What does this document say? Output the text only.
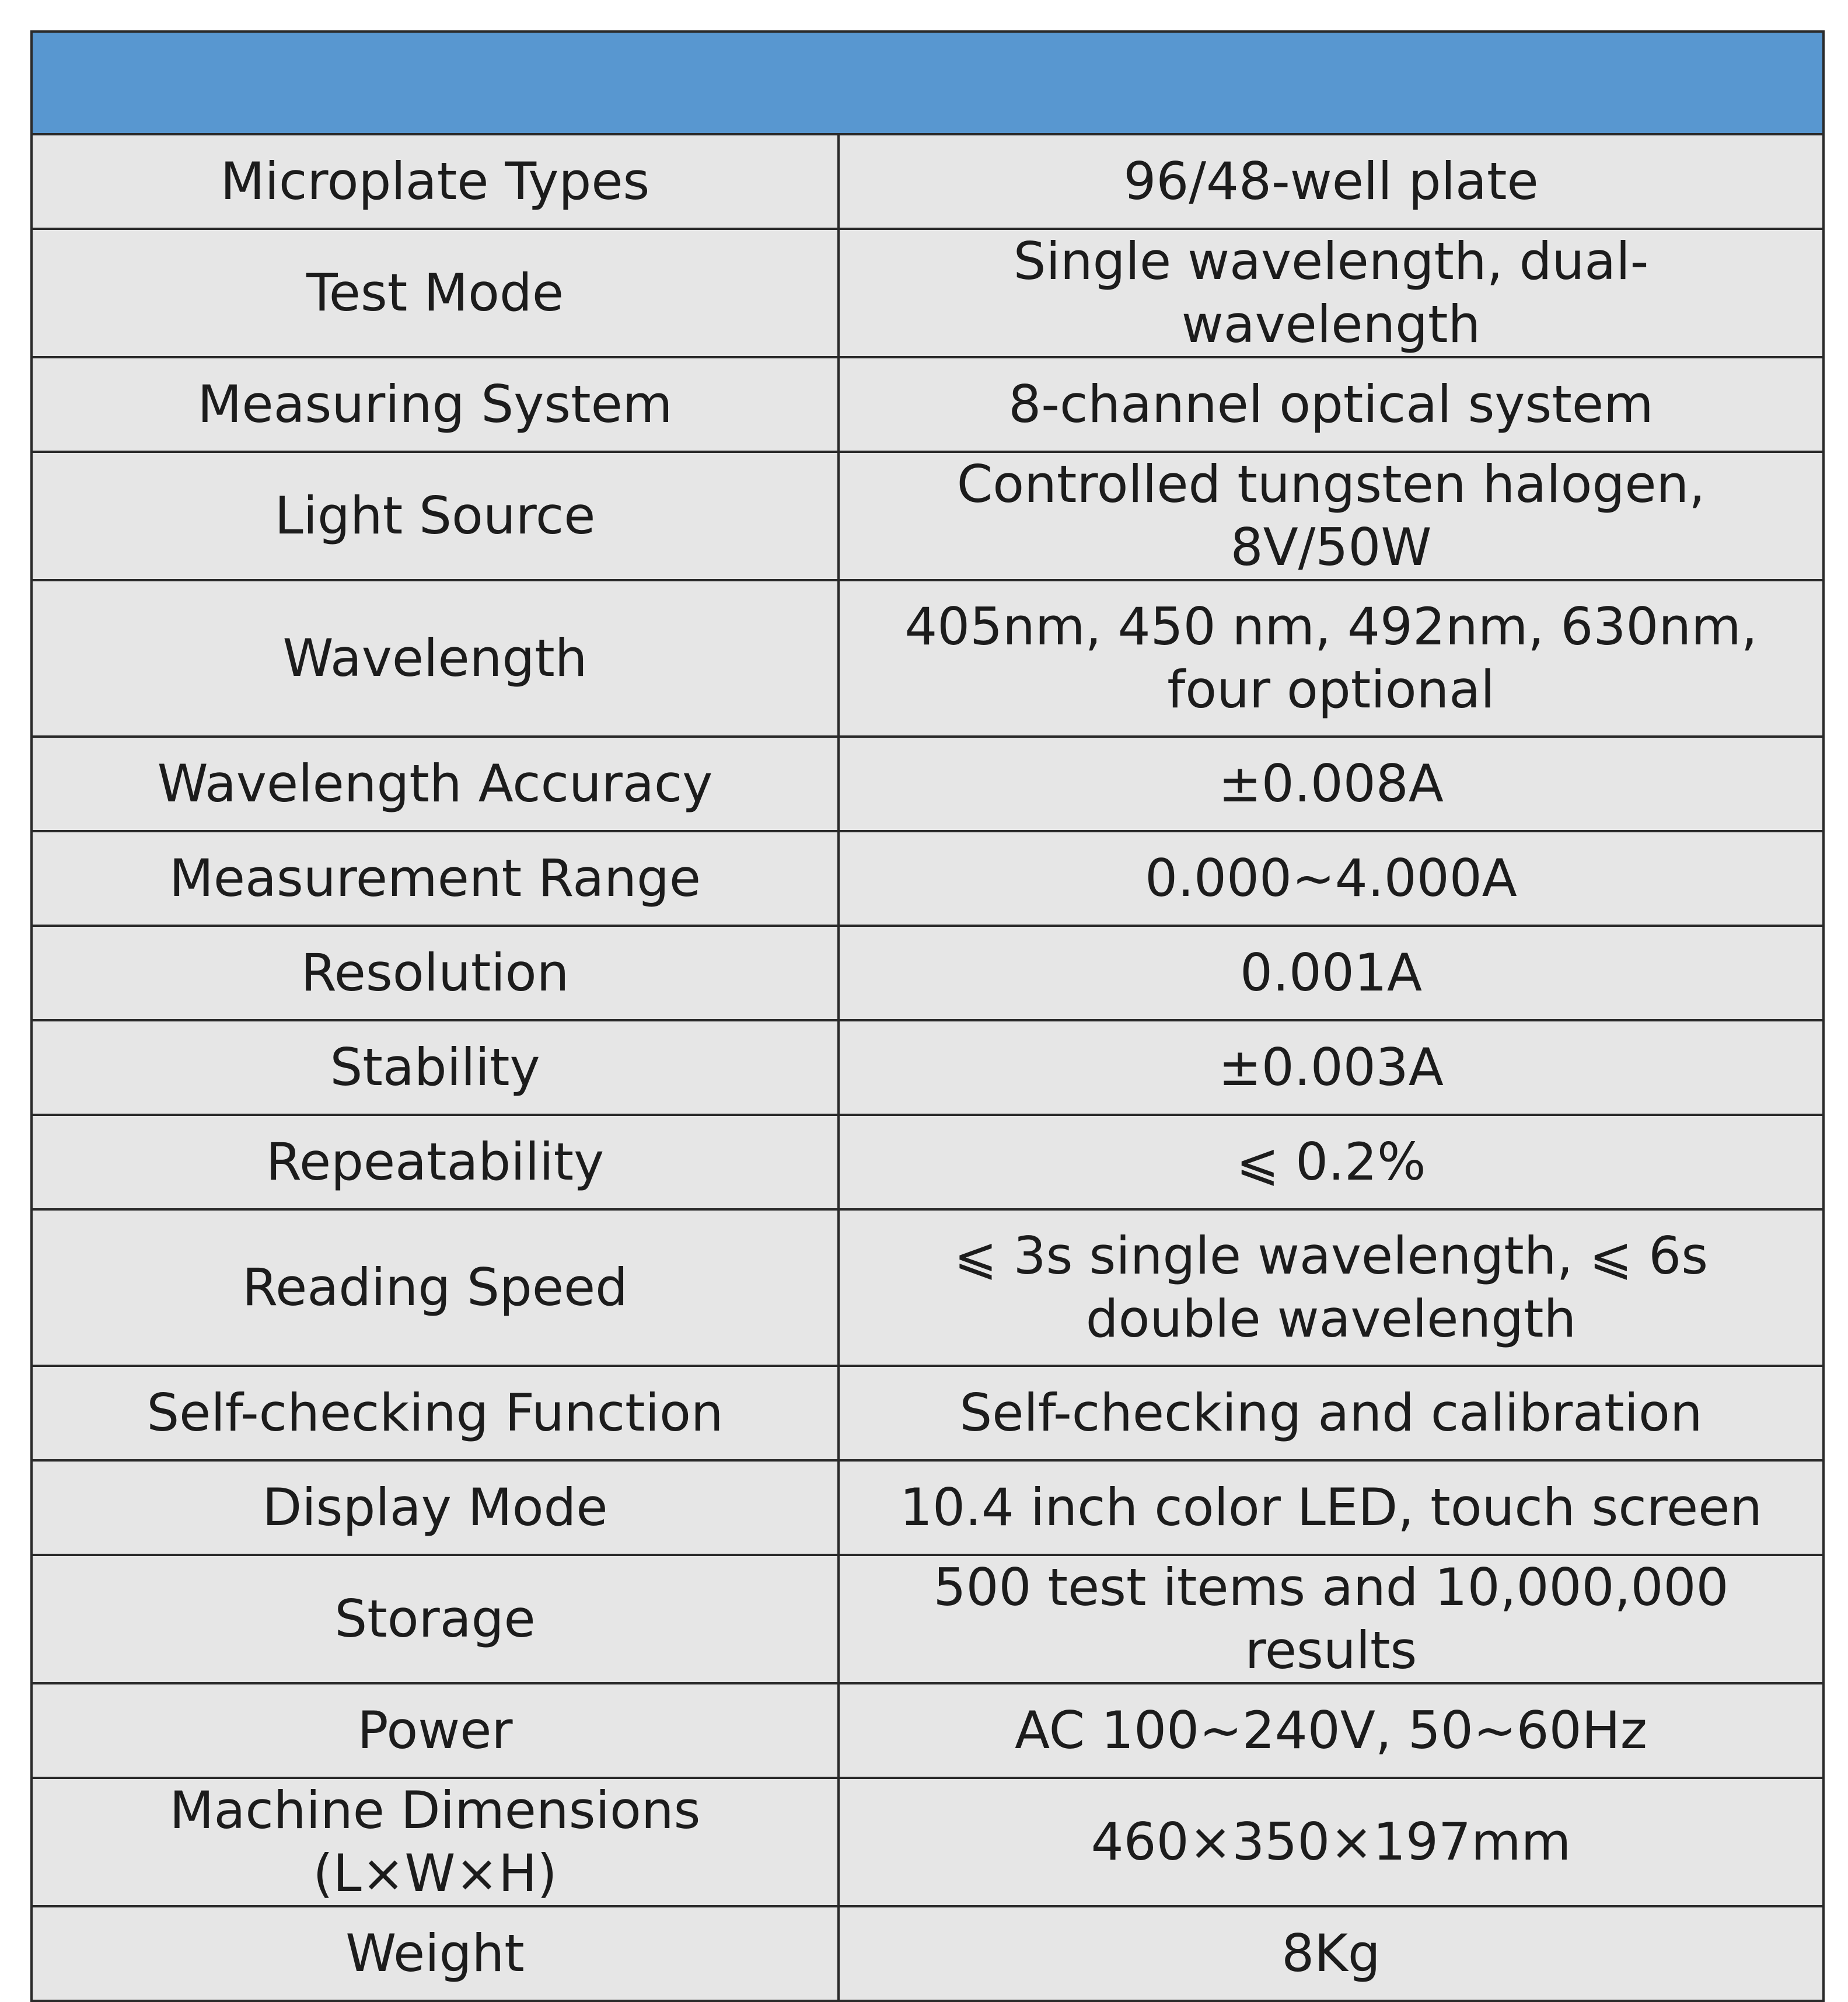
Microplate Types	96/48-well plate
Test Mode	Single wavelength, dual-wavelength
Measuring System	8-channel optical system
Light Source	Controlled tungsten halogen, 8V/50W
Wavelength	405nm, 450 nm, 492nm, 630nm, four optional
Wavelength Accuracy	±0.008A
Measurement Range	0.000~4.000A
Resolution	0.001A
Stability	±0.003A
Repeatability	⩽ 0.2%
Reading Speed	⩽ 3s single wavelength, ⩽ 6s double wavelength
Self-checking Function	Self-checking and calibration
Display Mode	10.4 inch color LED, touch screen
Storage	500 test items and 10,000,000 results
Power	AC 100~240V, 50~60Hz
Machine Dimensions (L×W×H)	460×350×197mm
Weight	8Kg
